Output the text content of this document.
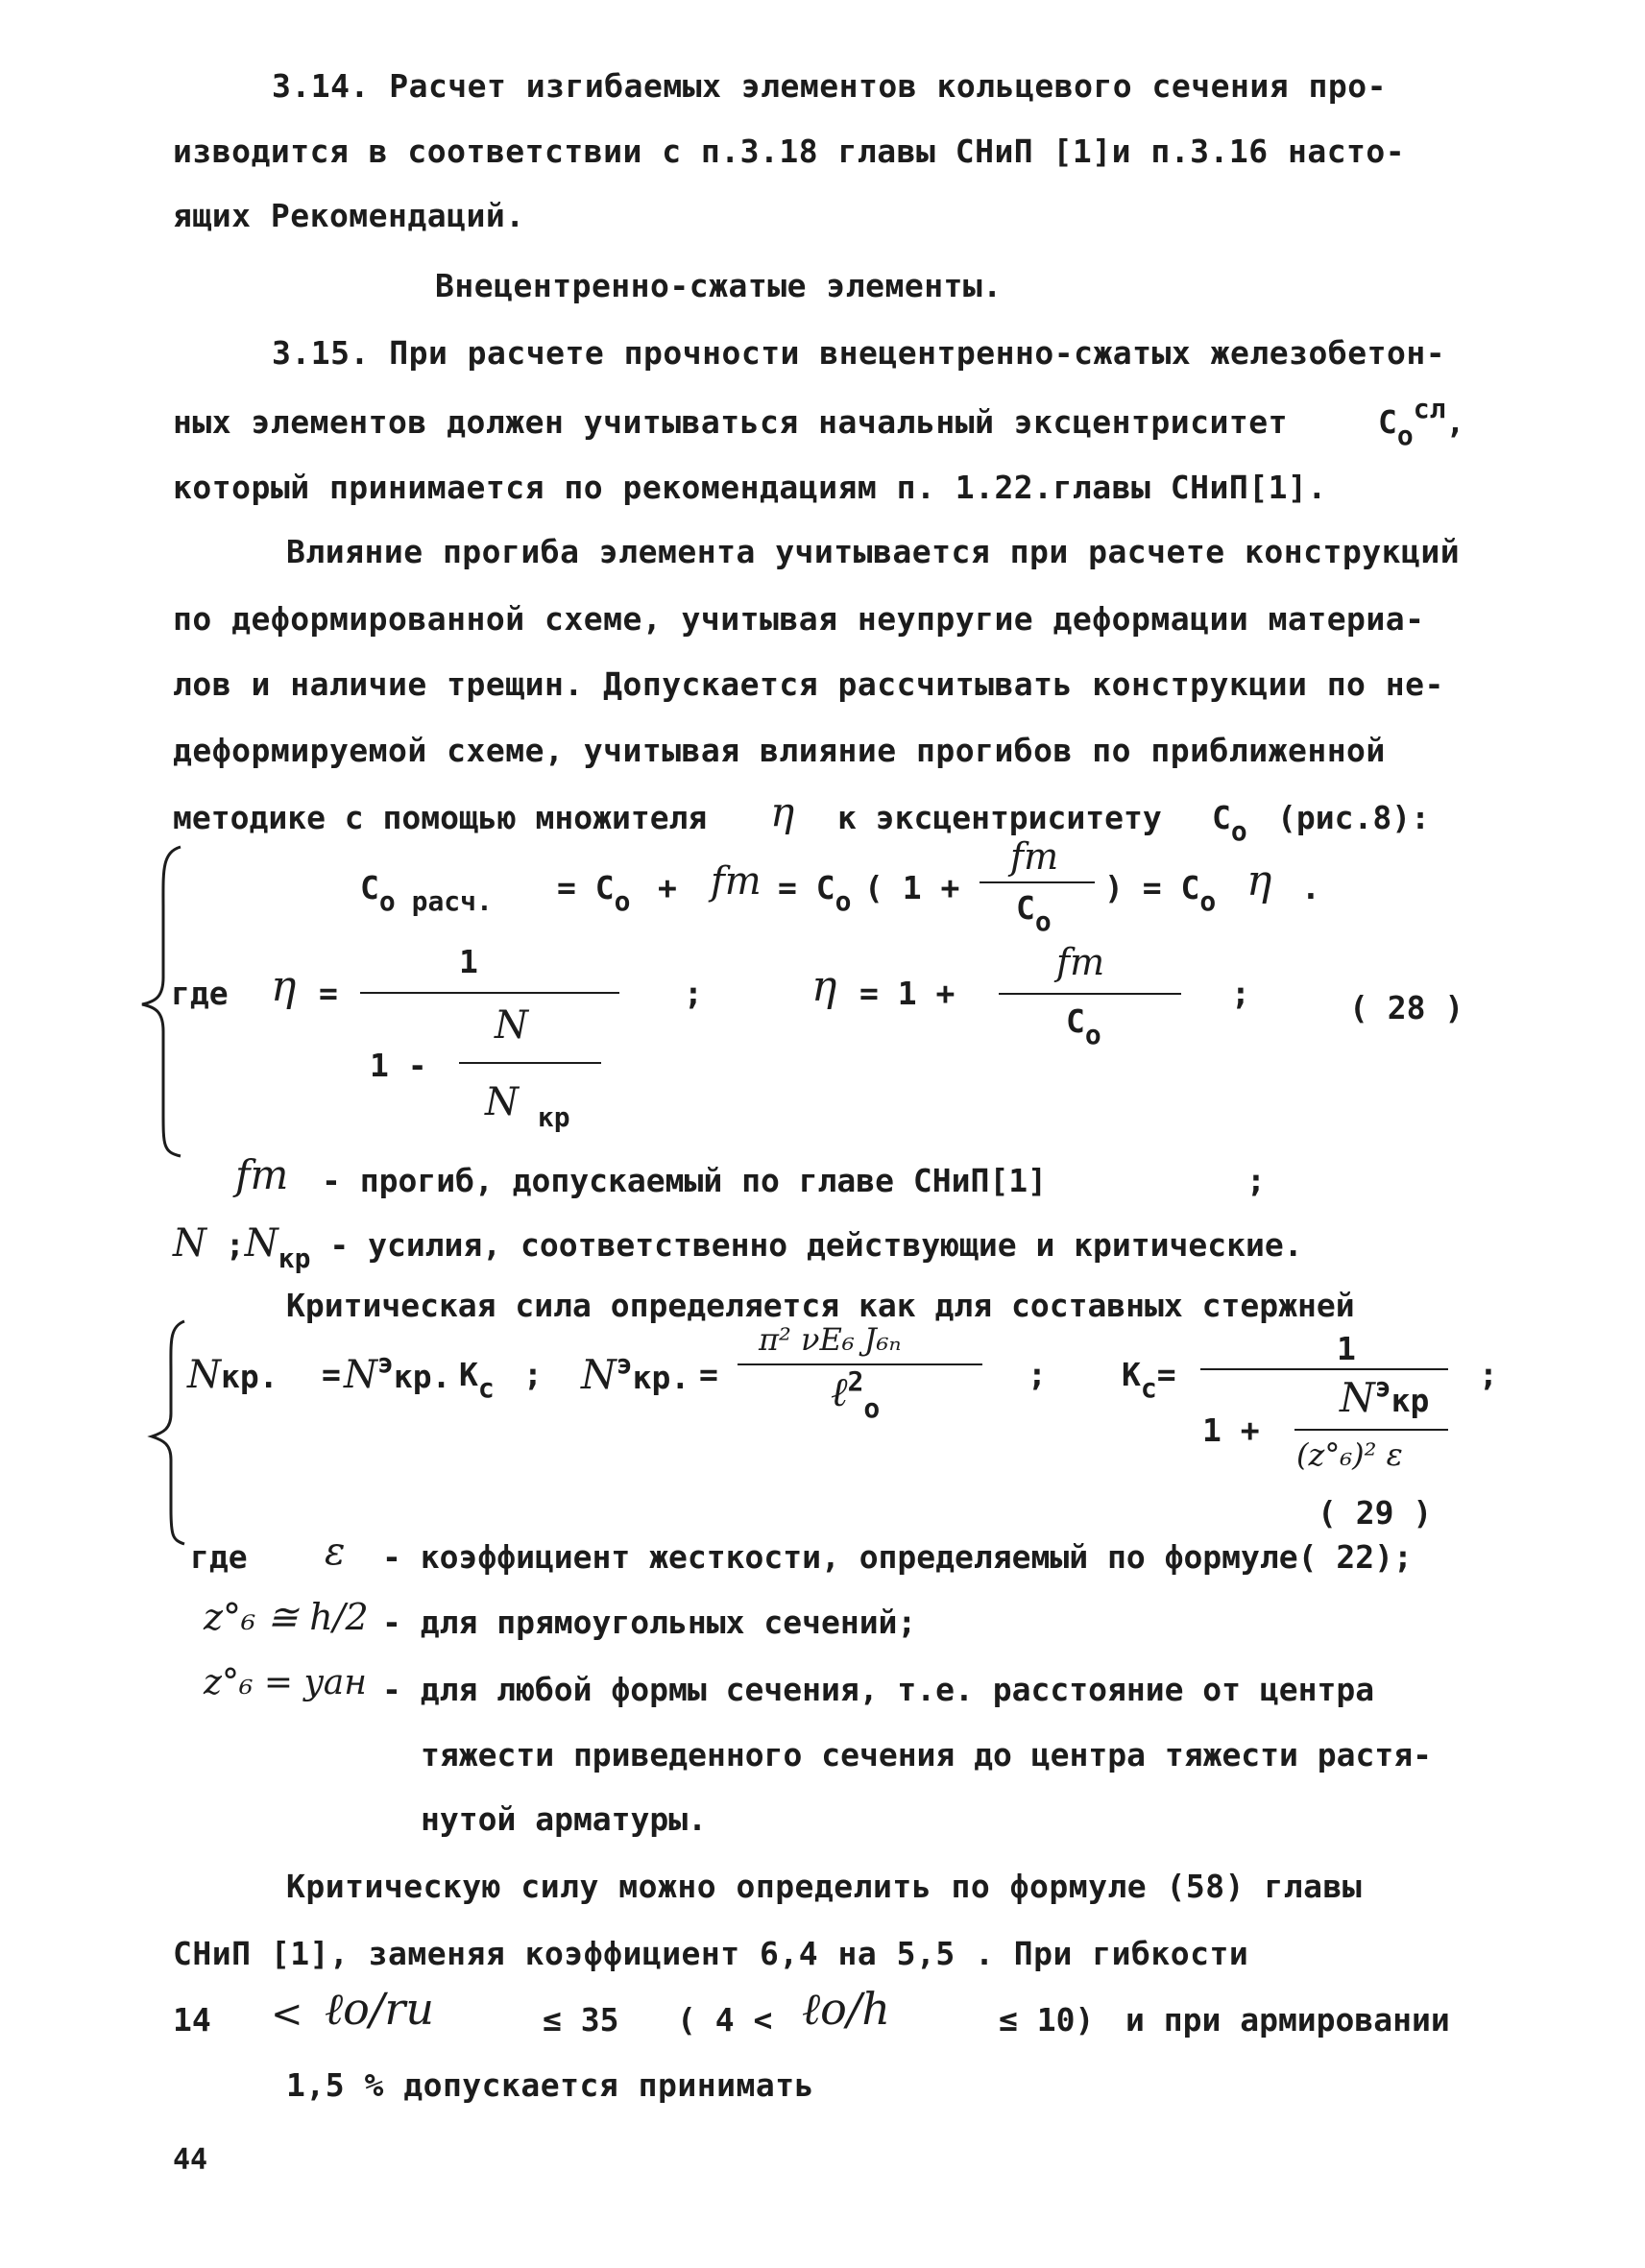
3.14. Расчет изгибаемых элементов кольцевого сечения про-
изводится в соответствии с п.3.18 главы СНиП [1]и п.3.16 насто-
ящих Рекомендаций.
Внецентренно-сжатые элементы.
3.15. При расчете прочности внецентренно-сжатых железобетон-
ных элементов должен учитываться начальный эксцентриситет	$C_o^{сл}$,
который принимается по рекомендациям п. 1.22.главы СНиП[1].
Влияние прогиба элемента учитывается при расчете конструкций
по деформированной схеме, учитывая неупругие деформации материа-
лов и наличие трещин. Допускается рассчитывать конструкции по не-
деформируемой схеме, учитывая влияние прогибов по приближенной
методике с помощью множителя η к эксцентриситету $C_o$ (рис.8):
$C_{o расч.} = C_o$ + fm = $C_o$ ( 1 +
fm
$C_o$
) = $C_o$ η .
где η =
1
1 -
N
N $_{кр}$
;	η = 1 +
fm
$C_o$
;	( 28 )
fm - прогиб, допускаемый по главе СНиП[1]	;
N $;N_{кр}$ - усилия, соответственно действующие и критические.
Критическая сила определяется как для составных стержней
Nкр. = $N^экр$. $K_c$ ; $N^экр$. =
π² νE₆ J₆ₙ
ℓ$^2_o$
; $K_c=$
1
1 +
$N^экр$
(z°₆)² ε
;
( 29 )
где ε - коэффициент жесткости, определяемый по формуле( 22);
z°₆ ≅ h/2 - для прямоугольных сечений;
z°₆ = yан - для любой формы сечения, т.е. расстояние от центра
тяжести приведенного сечения до центра тяжести растя-
нутой арматуры.
Критическую силу можно определить по формуле (58) главы
СНиП [1], заменяя коэффициент 6,4 на 5,5 . При гибкости
14 < ℓo/ru	≤ 35 ( 4 < ℓo/h	≤ 10) и при армировании
1,5 % допускается принимать
44
